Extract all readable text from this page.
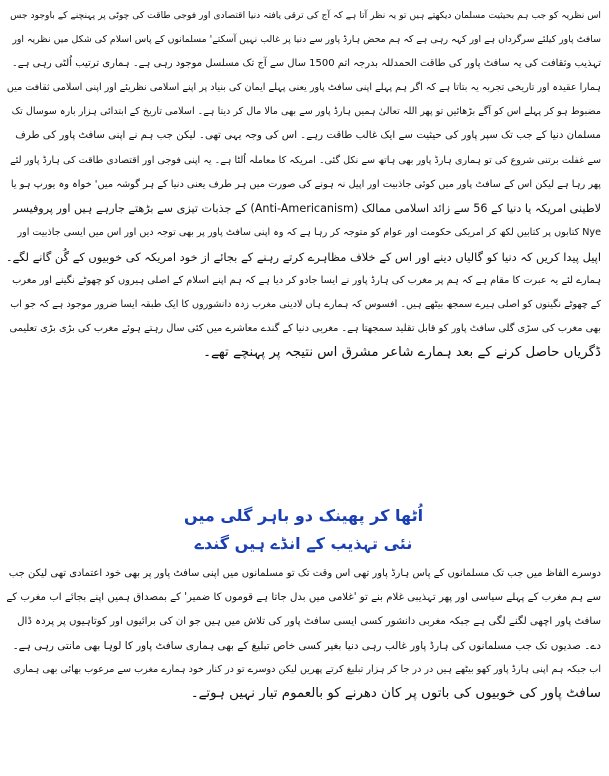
اس نظریہ کو جب ہم بحیثیت مسلمان دیکھتے ہیں تو یہ نظر آتا ہے کہ آج کی ترقی یافتہ دنیا اقتصادی اور فوجی طاقت کی چوٹی پر پہنچنے کے باوجود جس
سافٹ پاور کیلئے سرگرداں ہے اور کہہ رہی ہے کہ ہم محض ہارڈ پاور سے دنیا پر غالب نہیں آسکتے' مسلمانوں کے پاس اسلام کی شکل میں نظریہ اور
تہذیب وثقافت کی یہ سافٹ پاور کی طاقت الحمدللہ بدرجہ اتم 1500 سال سے آج تک مسلسل موجود رہی ہے۔ ہماری ترتیب اُلٹی رہی ہے۔
ہمارا عقیدہ اور تاریخی تجربہ یہ بتاتا ہے کہ اگر ہم پہلے اپنی سافٹ پاور یعنی پہلے ایمان کی بنیاد پر اپنے اسلامی نظریئے اور اپنی اسلامی ثقافت میں
مضبوط ہو کر پہلے اس کو آگے بڑھائیں تو پھر اللہ تعالیٰ ہمیں ہارڈ پاور سے بھی مالا مال کر دیتا ہے۔ اسلامی تاریخ کے ابتدائی ہزار بارہ سوسال تک
مسلمان دنیا کے جب تک سپر پاور کی حیثیت سے ایک غالب طاقت رہے۔ اس کی وجہ یہی تھی۔ لیکن جب ہم نے اپنی سافٹ پاور کی طرف
سے غفلت برتنی شروع کی تو ہماری ہارڈ پاور بھی ہاتھ سے نکل گئی۔ امریکہ کا معاملہ اُلٹا ہے۔ یہ اپنی فوجی اور اقتصادی طاقت کی ہارڈ پاور لئے
پھر رہا ہے لیکن اس کے سافٹ پاور میں کوئی جاذبیت اور اپیل نہ ہونے کی صورت میں ہر طرف یعنی دنیا کے ہر گوشہ میں' خواہ وہ یورپ ہو یا
لاطینی امریکہ یا دنیا کے 56 سے زائد اسلامی ممالک (Anti-Americanism) کے جذبات تیزی سے بڑھتے جارہے ہیں اور پروفیسر
Nye کتابوں پر کتابیں لکھ کر امریکی حکومت اور عوام کو متوجہ کر رہا ہے کہ وہ اپنی سافٹ پاور پر بھی توجہ دیں اور اس میں ایسی جاذبیت اور
اپیل پیدا کریں کہ دنیا کو گالیاں دینے اور اس کے خلاف مظاہرے کرتے رہنے کے بجائے از خود امریکہ کی خوبیوں کے گُن گانے لگے۔
ہمارے لئے یہ عبرت کا مقام ہے کہ ہم پر مغرب کی ہارڈ پاور نے ایسا جادو کر دیا ہے کہ ہم اپنے اسلام کے اصلی ہیروں کو چھوٹے نگینے اور مغرب
کے چھوٹے نگینوں کو اصلی ہیرے سمجھ بیٹھے ہیں۔ افسوس کہ ہمارے ہاں لادینی مغرب زدہ دانشوروں کا ایک طبقہ ایسا ضرور موجود ہے کہ جو اب
بھی مغرب کی سڑی گلی سافٹ پاور کو قابل تقلید سمجھتا ہے۔ مغربی دنیا کے گندے معاشرے میں کئی سال رہتے ہوئے مغرب کی بڑی بڑی تعلیمی
ڈگریاں حاصل کرنے کے بعد ہمارے شاعر مشرق اس نتیجہ پر پہنچے تھے۔
اُٹھا کر پھینک دو باہر گلی میں
نئی تہذیب کے انڈے ہیں گندے
دوسرے الفاظ میں جب تک مسلمانوں کے پاس ہارڈ پاور تھی اس وقت تک تو مسلمانوں میں اپنی سافٹ پاور پر بھی خود اعتمادی تھی لیکن جب
سے ہم مغرب کے پہلے سیاسی اور پھر تہذیبی غلام بنے تو 'غلامی میں بدل جاتا ہے قوموں کا ضمیر' کے بمصداق ہمیں اپنے بجائے اب مغرب کے
سافٹ پاور اچھی لگنے لگی ہے جبکہ مغربی دانشور کسی ایسی سافٹ پاور کی تلاش میں ہیں جو ان کی برائیوں اور کوتاہیوں پر پردہ ڈال
دے۔ صدیوں تک جب مسلمانوں کی ہارڈ پاور غالب رہی دنیا بغیر کسی خاص تبلیغ کے بھی ہماری سافٹ پاور کا لوہا بھی مانتی رہی ہے۔
اب جبکہ ہم اپنی ہارڈ پاور کھو بیٹھے ہیں در در جا کر ہزار تبلیغ کرتے پھریں لیکن دوسرے تو در کنار خود ہمارے مغرب سے مرعوب بھائی بھی ہماری
سافٹ پاور کی خوبیوں کی باتوں پر کان دھرنے کو بالعموم تیار نہیں ہوتے۔
